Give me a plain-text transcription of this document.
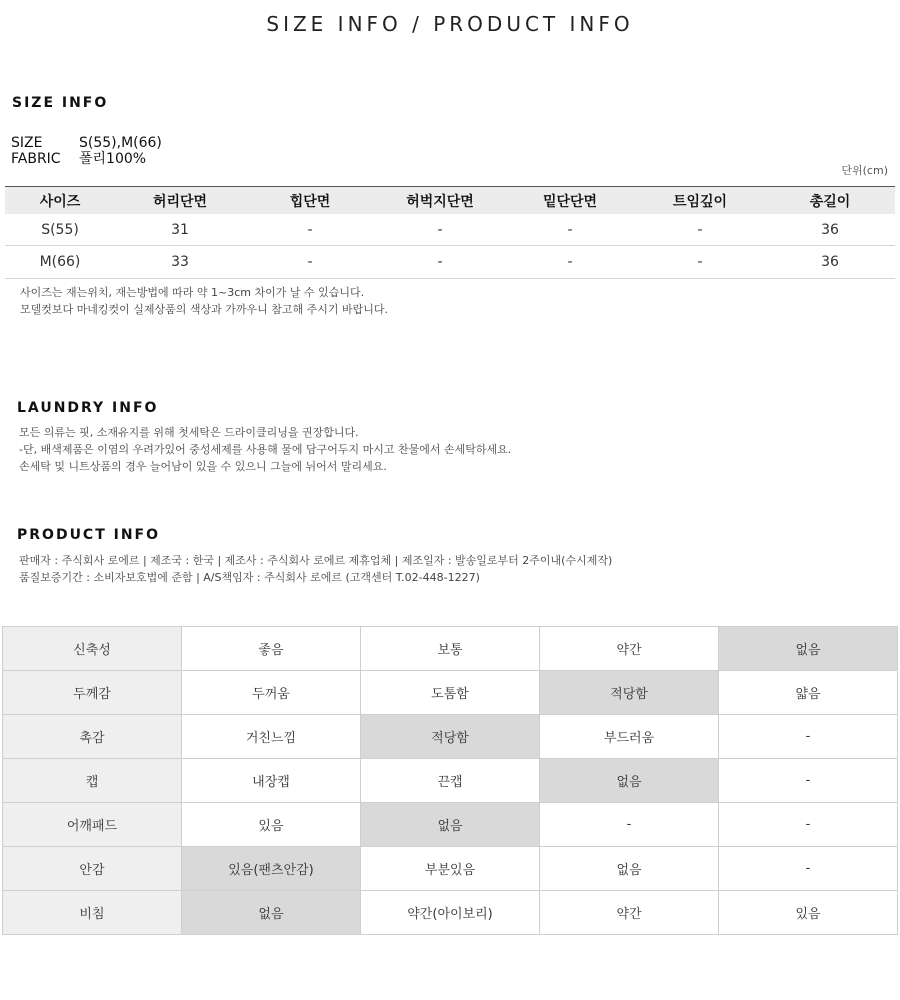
SIZE INFO / PRODUCT INFO
SIZE INFO
SIZE	S(55),M(66)
FABRIC 폴리100%
단위(cm)
사이즈	허리단면	힙단면	허벅지단면	밑단단면	트임깊이	총길이
S(55)	31	-	-	-	-	36
M(66)	33	-	-	-	-	36
사이즈는 재는위치, 재는방법에 따라 약 1~3cm 차이가 날 수 있습니다.
모델컷보다 마네킹컷이 실제상품의 색상과 가까우니 참고해 주시기 바랍니다.
LAUNDRY INFO
모든 의류는 핏, 소재유지를 위해 첫세탁은 드라이클리닝을 권장합니다.
-단, 배색제품은 이염의 우려가있어 중성세제를 사용해 물에 담구어두지 마시고 찬물에서 손세탁하세요.
손세탁 및 니트상품의 경우 늘어남이 있을 수 있으니 그늘에 뉘어서 말리세요.
PRODUCT INFO
판매자 : 주식회사 로에르 | 제조국 : 한국 | 제조사 : 주식회사 로에르 제휴업체 | 제조일자 : 발송일로부터 2주이내(수시제작)
품질보증기간 : 소비자보호법에 준함 | A/S책임자 : 주식회사 로에르 (고객센터 T.02-448-1227)
신축성	좋음	보통	약간	없음
두께감	두꺼움	도톰함	적당함	얇음
촉감	거친느낌	적당함	부드러움	-
캡	내장캡	끈캡	없음	-
어깨패드	있음	없음	-	-
안감	있음(팬츠안감)	부분있음	없음	-
비침	없음	약간(아이보리)	약간	있음
